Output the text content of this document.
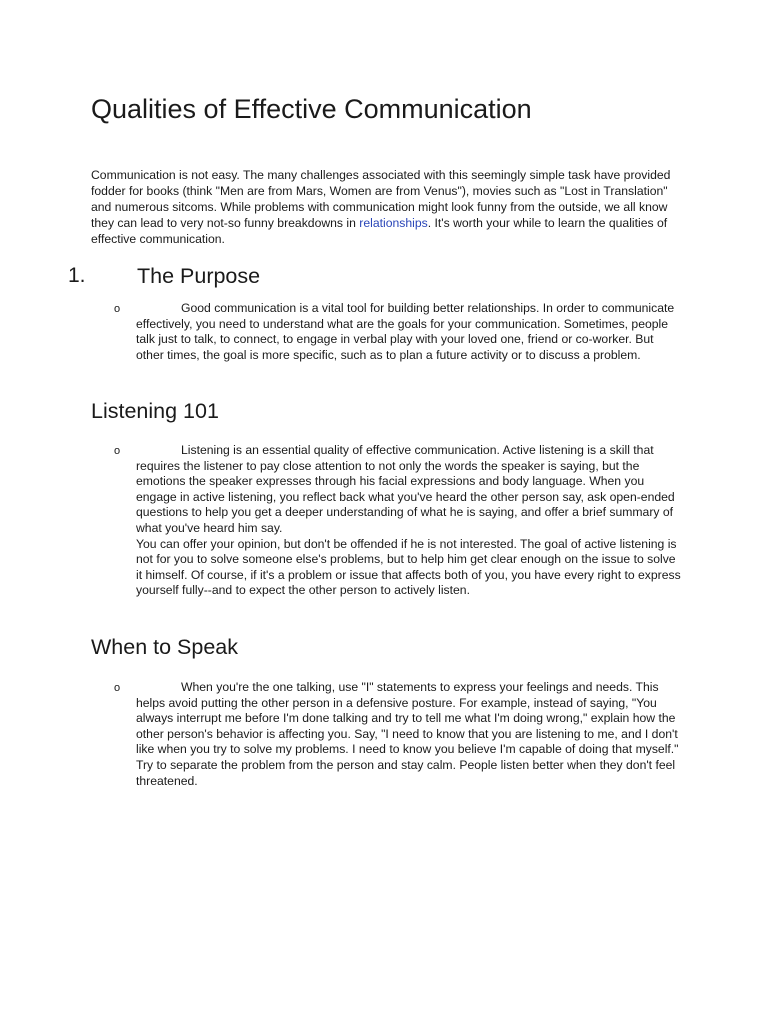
Qualities of Effective Communication

Communication is not easy. The many challenges associated with this seemingly simple task have provided fodder for books (think "Men are from Mars, Women are from Venus"), movies such as "Lost in Translation" and numerous sitcoms. While problems with communication might look funny from the outside, we all know they can lead to very not-so funny breakdowns in relationships. It's worth your while to learn the qualities of effective communication.

1. The Purpose
o	Good communication is a vital tool for building better relationships. In order to communicate effectively, you need to understand what are the goals for your communication. Sometimes, people talk just to talk, to connect, to engage in verbal play with your loved one, friend or co-worker. But other times, the goal is more specific, such as to plan a future activity or to discuss a problem.

Listening 101
o	Listening is an essential quality of effective communication. Active listening is a skill that requires the listener to pay close attention to not only the words the speaker is saying, but the emotions the speaker expresses through his facial expressions and body language. When you engage in active listening, you reflect back what you've heard the other person say, ask open-ended questions to help you get a deeper understanding of what he is saying, and offer a brief summary of what you've heard him say.
You can offer your opinion, but don't be offended if he is not interested. The goal of active listening is not for you to solve someone else's problems, but to help him get clear enough on the issue to solve it himself. Of course, if it's a problem or issue that affects both of you, you have every right to express yourself fully--and to expect the other person to actively listen.

When to Speak
o	When you're the one talking, use "I" statements to express your feelings and needs. This helps avoid putting the other person in a defensive posture. For example, instead of saying, "You always interrupt me before I'm done talking and try to tell me what I'm doing wrong," explain how the other person's behavior is affecting you. Say, "I need to know that you are listening to me, and I don't like when you try to solve my problems. I need to know you believe I'm capable of doing that myself." Try to separate the problem from the person and stay calm. People listen better when they don't feel threatened.
